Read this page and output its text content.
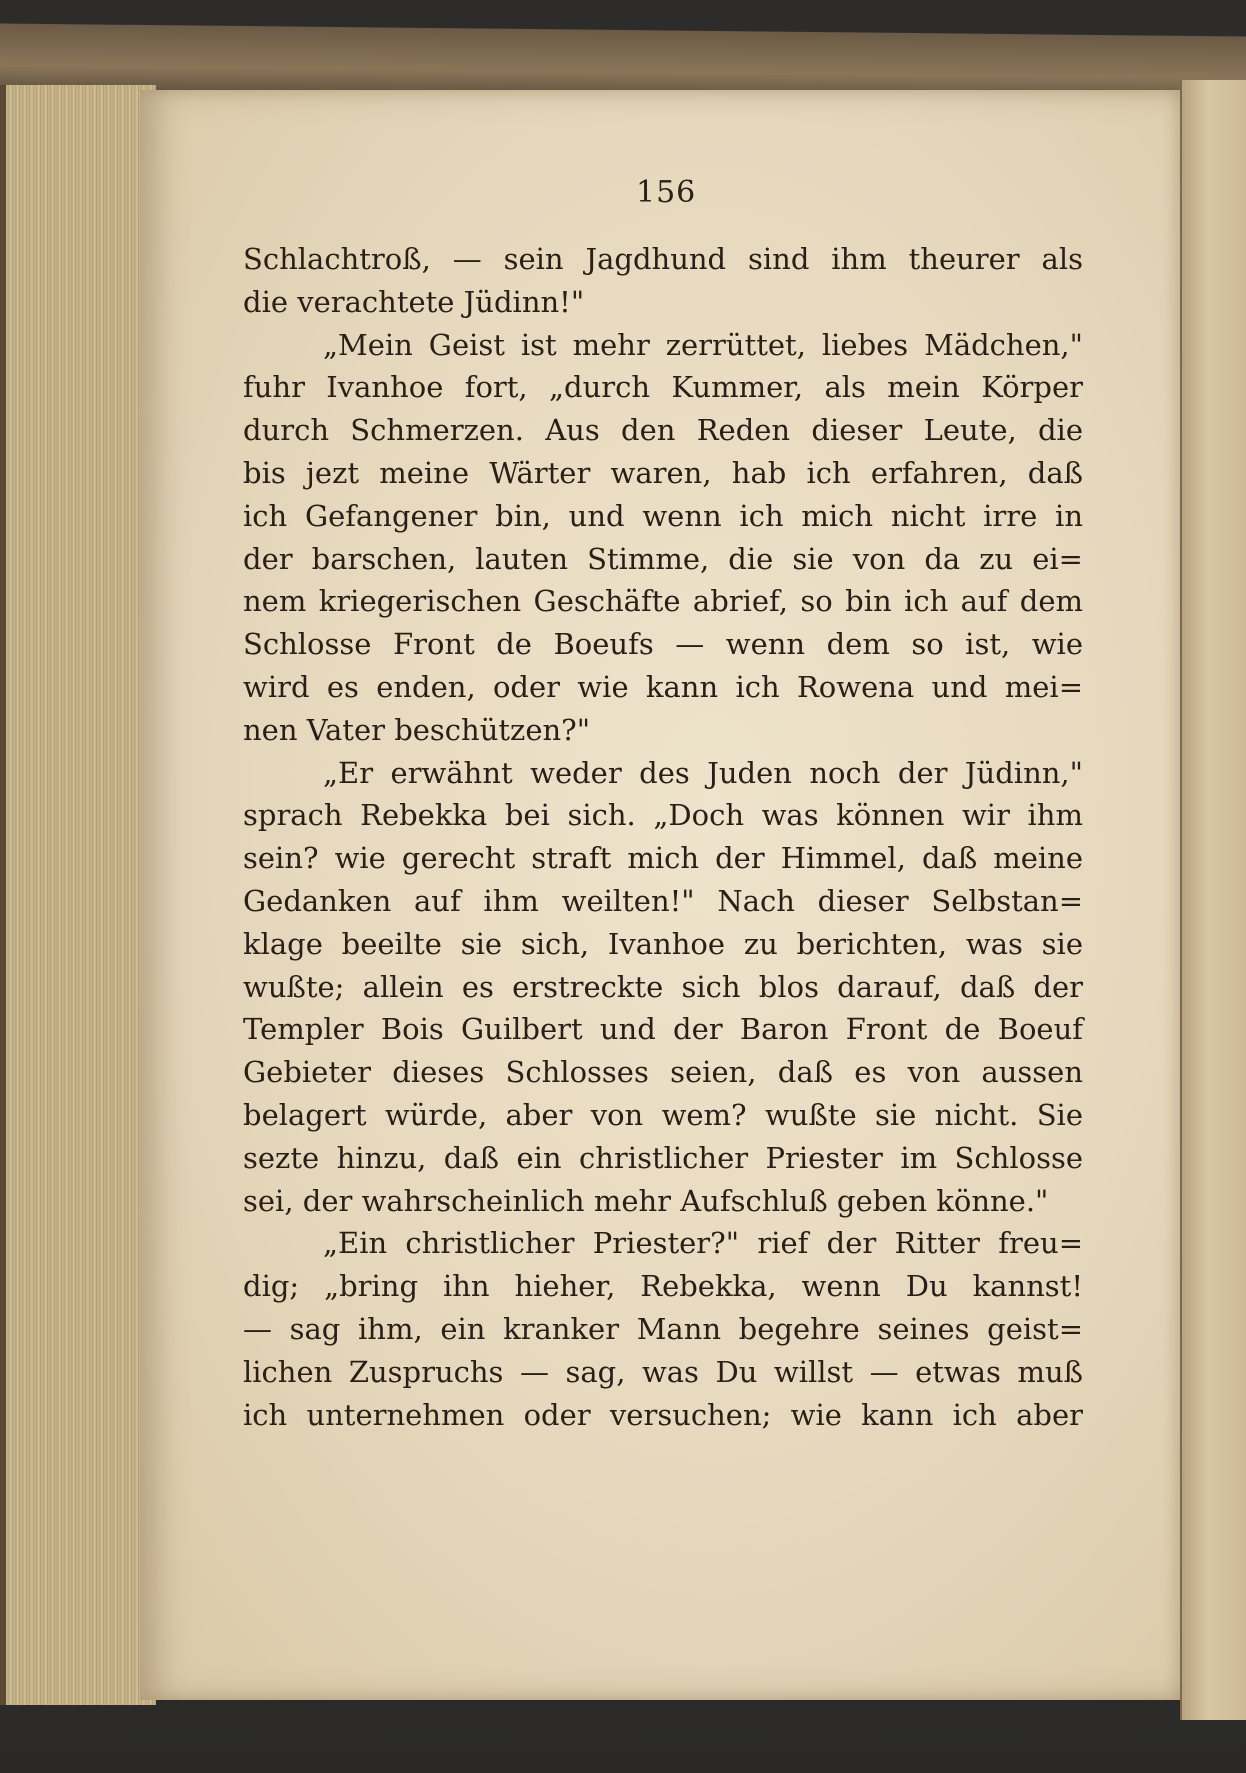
156
Schlachtroß, — sein Jagdhund sind ihm theurer als
die verachtete Jüdinn!"
„Mein Geist ist mehr zerrüttet, liebes Mädchen,"
fuhr Ivanhoe fort, „durch Kummer, als mein Körper
durch Schmerzen. Aus den Reden dieser Leute, die
bis jezt meine Wärter waren, hab ich erfahren, daß
ich Gefangener bin, und wenn ich mich nicht irre in
der barschen, lauten Stimme, die sie von da zu ei=
nem kriegerischen Geschäfte abrief, so bin ich auf dem
Schlosse Front de Boeufs — wenn dem so ist, wie
wird es enden, oder wie kann ich Rowena und mei=
nen Vater beschützen?"
„Er erwähnt weder des Juden noch der Jüdinn,"
sprach Rebekka bei sich. „Doch was können wir ihm
sein? wie gerecht straft mich der Himmel, daß meine
Gedanken auf ihm weilten!" Nach dieser Selbstan=
klage beeilte sie sich, Ivanhoe zu berichten, was sie
wußte; allein es erstreckte sich blos darauf, daß der
Templer Bois Guilbert und der Baron Front de Boeuf
Gebieter dieses Schlosses seien, daß es von aussen
belagert würde, aber von wem? wußte sie nicht. Sie
sezte hinzu, daß ein christlicher Priester im Schlosse
sei, der wahrscheinlich mehr Aufschluß geben könne."
„Ein christlicher Priester?" rief der Ritter freu=
dig; „bring ihn hieher, Rebekka, wenn Du kannst!
— sag ihm, ein kranker Mann begehre seines geist=
lichen Zuspruchs — sag, was Du willst — etwas muß
ich unternehmen oder versuchen; wie kann ich aber
